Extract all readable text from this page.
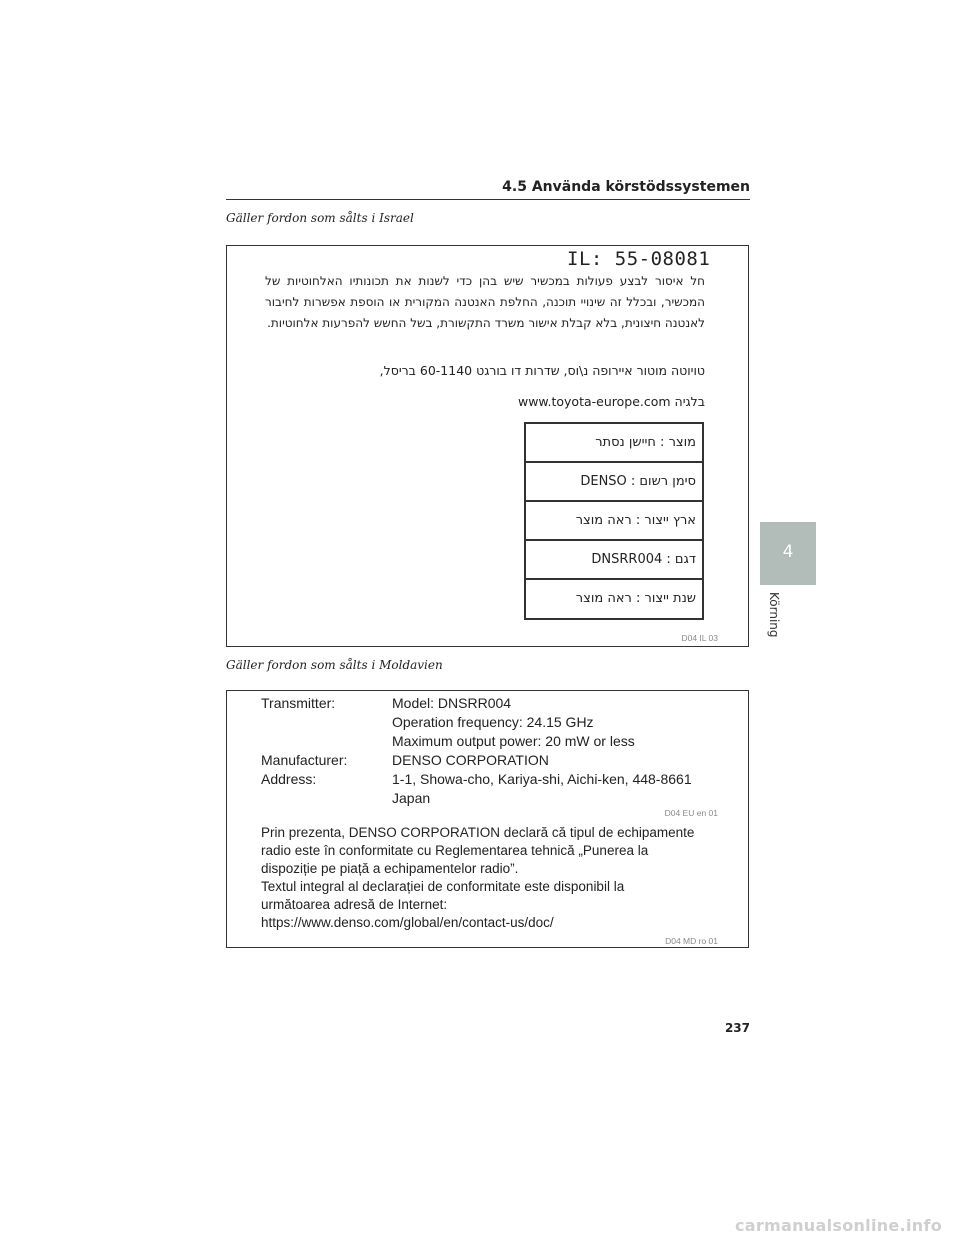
4.5 Använda körstödssystemen
Gäller fordon som sålts i Israel
IL: 55-08081
חל איסור לבצע פעולות במכשיר שיש בהן כדי לשנות את תכונותיו האלחוטיות של המכשיר, ובכלל זה שינויי תוכנה, החלפת האנטנה המקורית או הוספת אפשרות לחיבור לאנטנה חיצונית, בלא קבלת אישור משרד התקשורת, בשל החשש להפרעות אלחוטיות.
טויוטה מוטור איירופה נ\וס, שדרות דו בורגט 60-1140 בריסל,
בלגיה www.toyota-europe.com
מוצר : חיישן נסתר
סימן רשום : DENSO
ארץ ייצור : ראה מוצר
דגם : DNSRR004
שנת ייצור : ראה מוצר
D04 IL 03
Gäller fordon som sålts i Moldavien
Transmitter:	Model: DNSRR004
Operation frequency: 24.15 GHz
Maximum output power: 20 mW or less
Manufacturer:	DENSO CORPORATION
Address:	1-1, Showa-cho, Kariya-shi, Aichi-ken, 448-8661
Japan
D04 EU en 01
Prin prezenta, DENSO CORPORATION declară că tipul de echipamente
radio este în conformitate cu Reglementarea tehnică „Punerea la
dispoziție pe piață a echipamentelor radio”.
Textul integral al declarației de conformitate este disponibil la
următoarea adresă de Internet:
https://www.denso.com/global/en/contact-us/doc/
D04 MD ro 01
4
Körning
237
carmanualsonline.info
